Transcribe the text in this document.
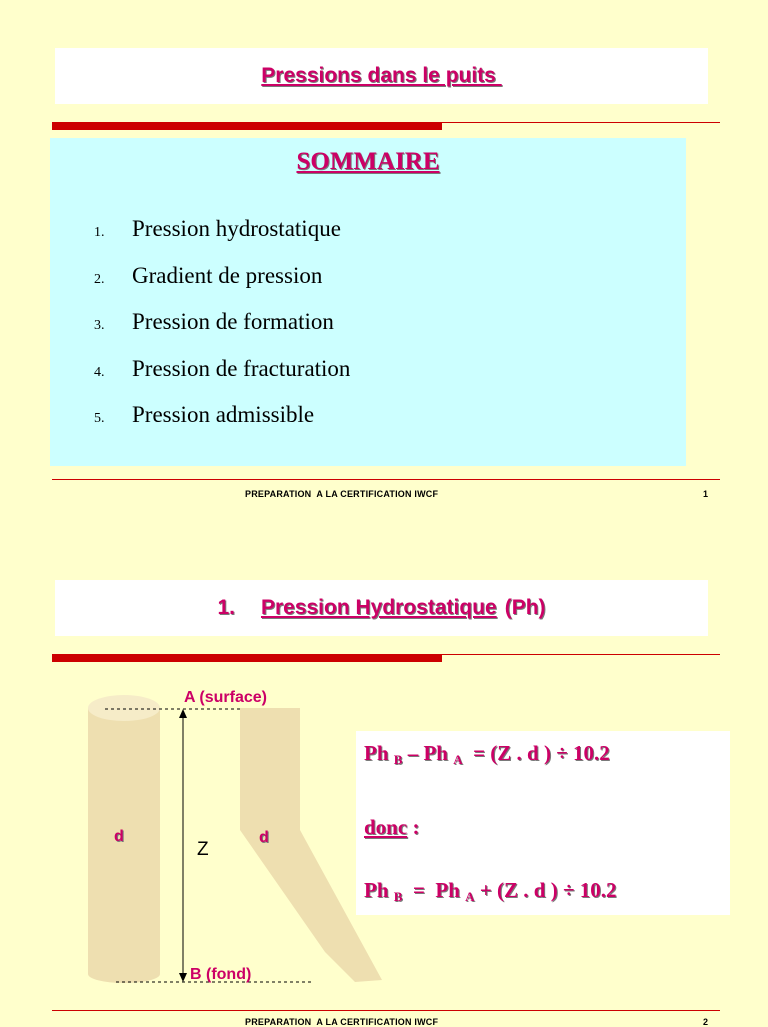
Pressions dans le puits
SOMMAIRE
1.	Pression hydrostatique
2.	Gradient de pression
3.	Pression de formation
4.	Pression de fracturation
5.	Pression admissible
PREPARATION  A LA CERTIFICATION IWCF	1
1. Pression Hydrostatique (Ph)
A (surface)
B (fond)
Z
d	d
Ph $_B$ – Ph $_A$  = (Z . d ) ÷ 10.2
donc :
Ph $_B$  =  Ph $_A$ + (Z . d ) ÷ 10.2
PREPARATION  A LA CERTIFICATION IWCF	2
